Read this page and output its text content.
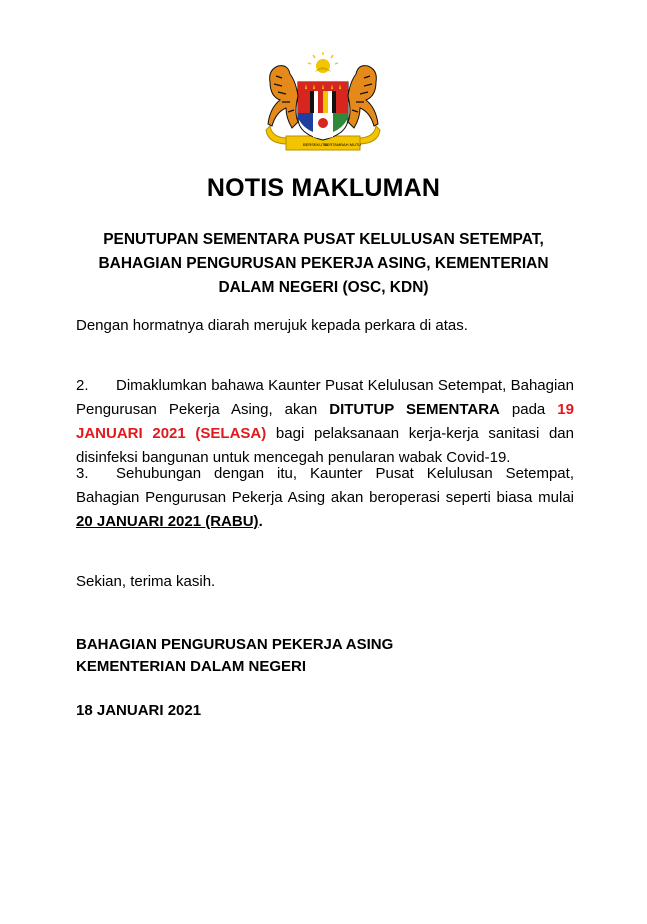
BERSEKUTU
BERTAMBAH MUTU
NOTIS MAKLUMAN
PENUTUPAN SEMENTARA PUSAT KELULUSAN SETEMPAT,
BAHAGIAN PENGURUSAN PEKERJA ASING, KEMENTERIAN
DALAM NEGERI (OSC, KDN)

Dengan hormatnya diarah merujuk kepada perkara di atas.

2. Dimaklumkan bahawa Kaunter Pusat Kelulusan Setempat, Bahagian Pengurusan Pekerja Asing, akan DITUTUP SEMENTARA pada 19 JANUARI 2021 (SELASA) bagi pelaksanaan kerja-kerja sanitasi dan disinfeksi bangunan untuk mencegah penularan wabak Covid-19.

3. Sehubungan dengan itu, Kaunter Pusat Kelulusan Setempat, Bahagian Pengurusan Pekerja Asing akan beroperasi seperti biasa mulai 20 JANUARI 2021 (RABU).

Sekian, terima kasih.

BAHAGIAN PENGURUSAN PEKERJA ASING
KEMENTERIAN DALAM NEGERI
18 JANUARI 2021
